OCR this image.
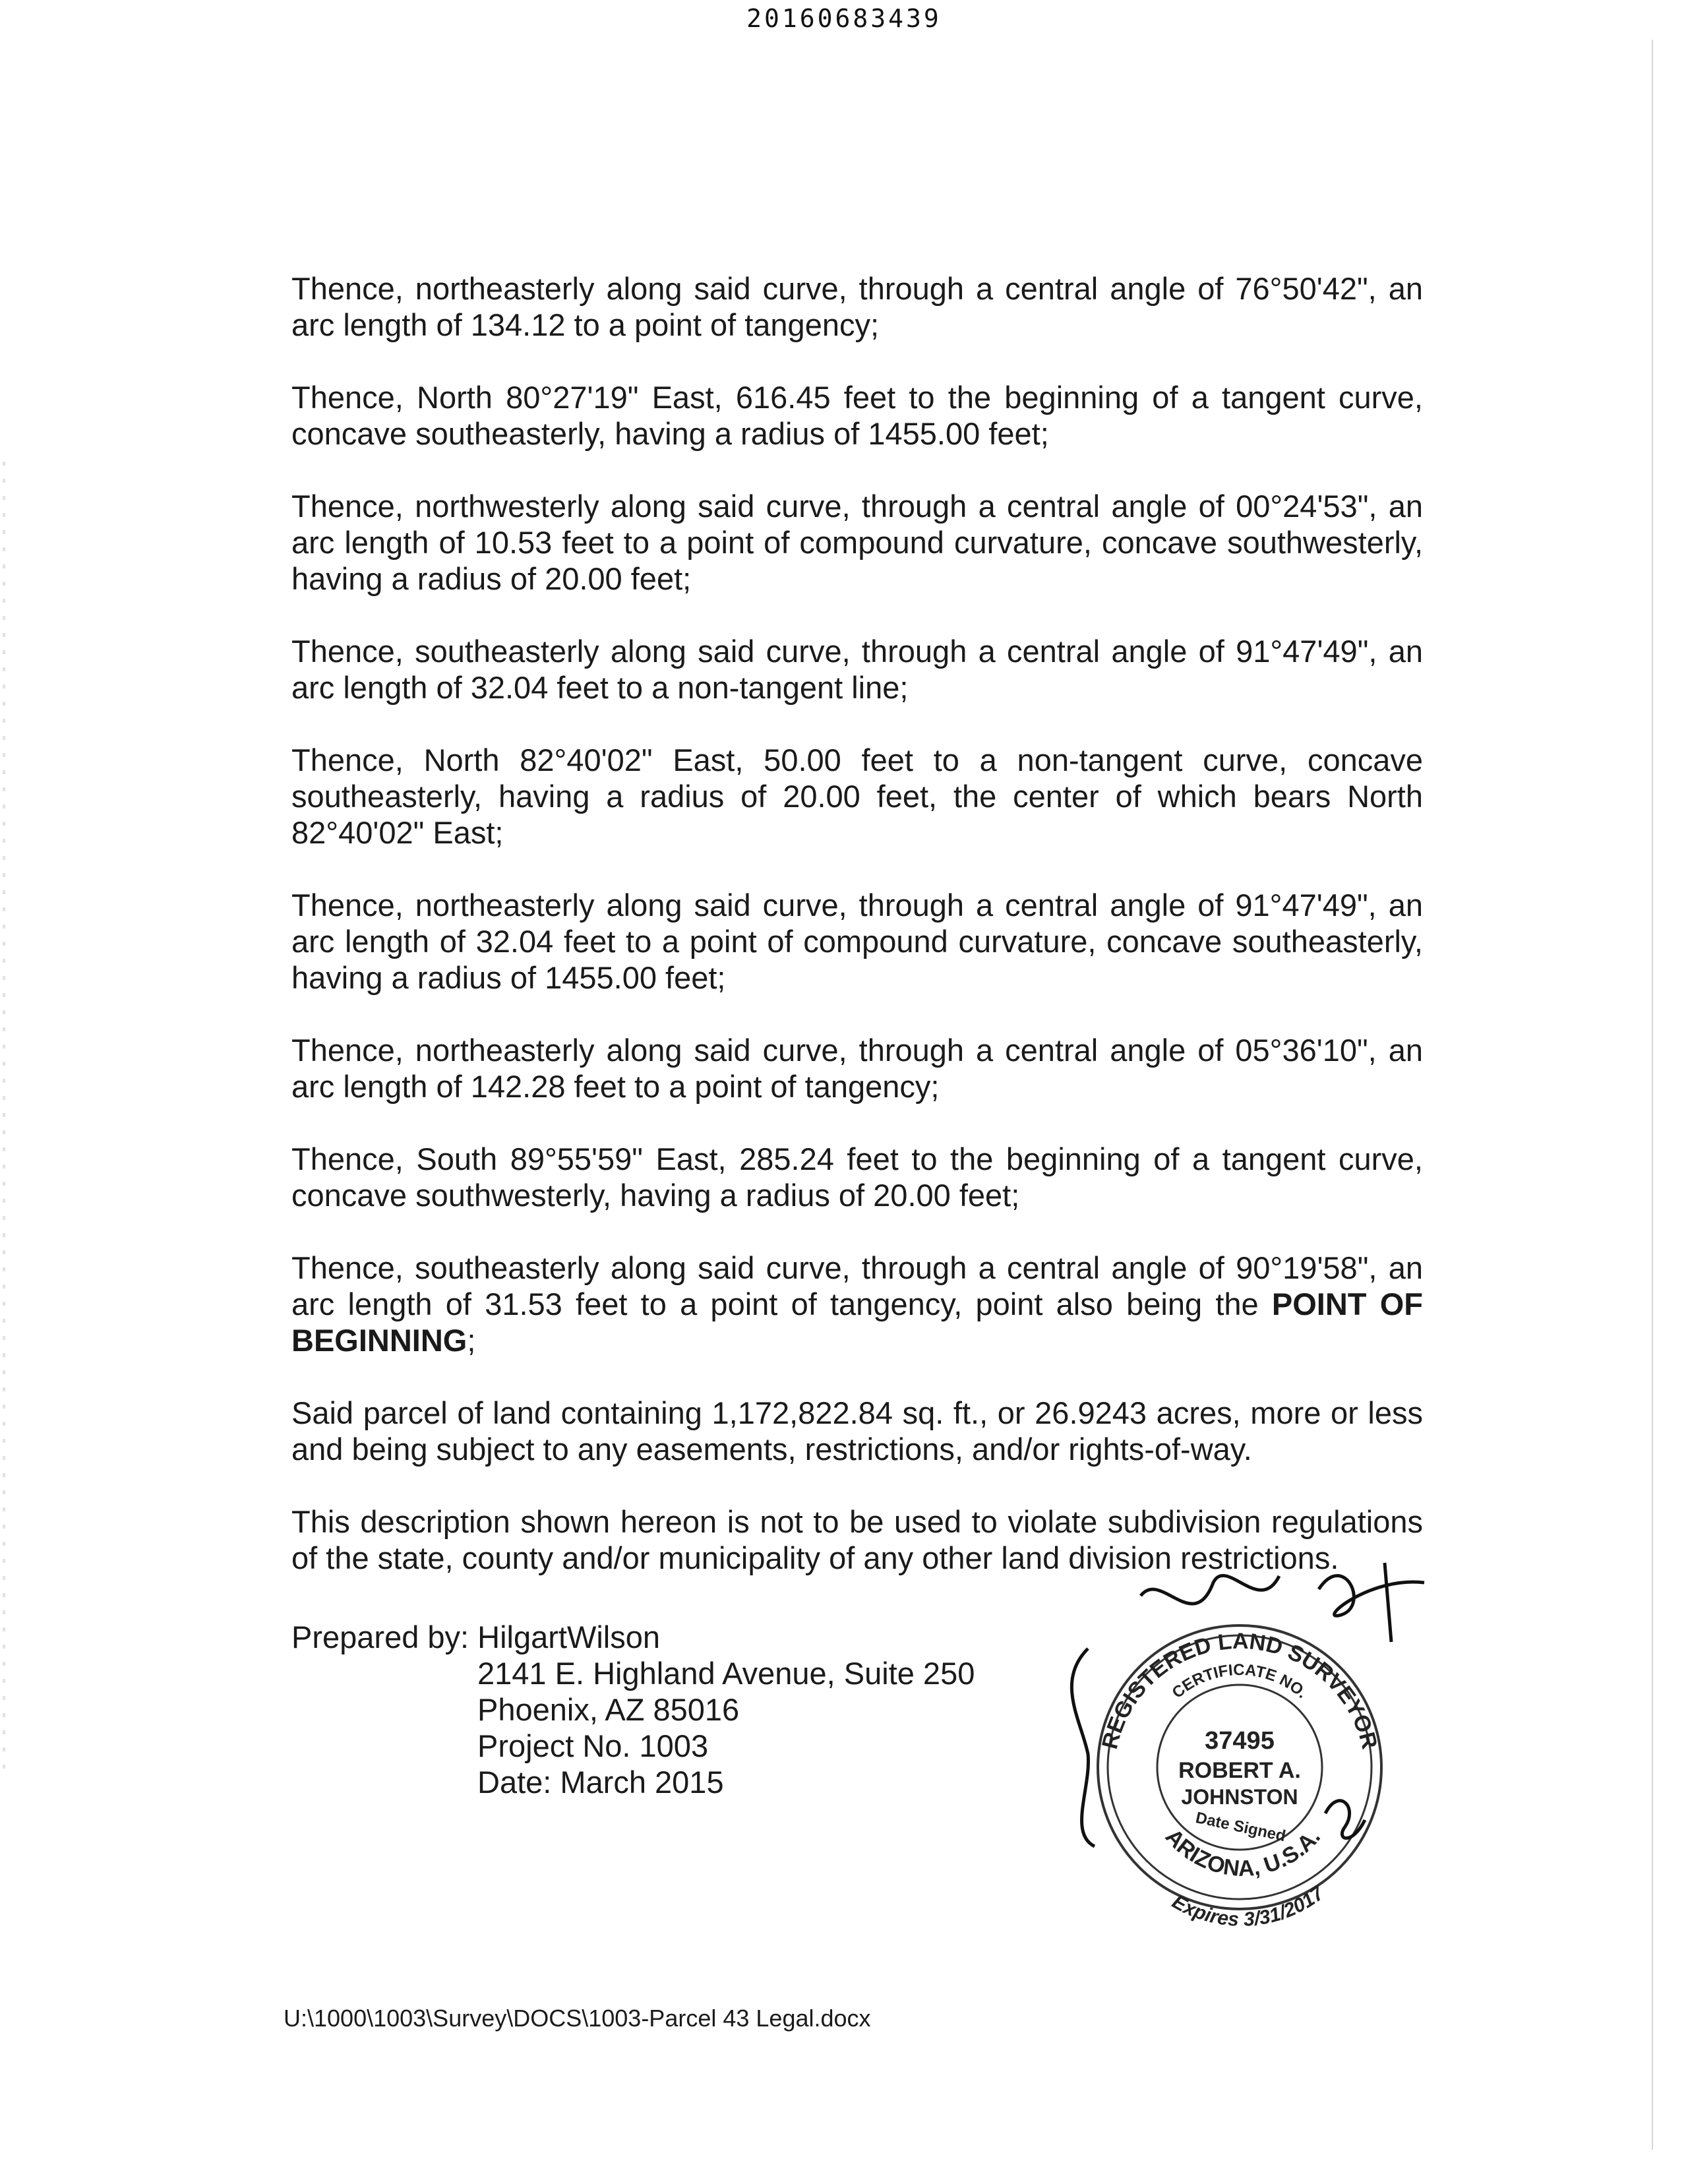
20160683439

Thence, northeasterly along said curve, through a central angle of 76°50'42", an arc length of 134.12 to a point of tangency;

Thence, North 80°27'19" East, 616.45 feet to the beginning of a tangent curve, concave southeasterly, having a radius of 1455.00 feet;

Thence, northwesterly along said curve, through a central angle of 00°24'53", an arc length of 10.53 feet to a point of compound curvature, concave southwesterly, having a radius of 20.00 feet;

Thence, southeasterly along said curve, through a central angle of 91°47'49", an arc length of 32.04 feet to a non-tangent line;

Thence, North 82°40'02" East, 50.00 feet to a non-tangent curve, concave southeasterly, having a radius of 20.00 feet, the center of which bears North 82°40'02" East;

Thence, northeasterly along said curve, through a central angle of 91°47'49", an arc length of 32.04 feet to a point of compound curvature, concave southeasterly, having a radius of 1455.00 feet;

Thence, northeasterly along said curve, through a central angle of 05°36'10", an arc length of 142.28 feet to a point of tangency;

Thence, South 89°55'59" East, 285.24 feet to the beginning of a tangent curve, concave southwesterly, having a radius of 20.00 feet;

Thence, southeasterly along said curve, through a central angle of 90°19'58", an arc length of 31.53 feet to a point of tangency, point also being the POINT OF BEGINNING;

Said parcel of land containing 1,172,822.84 sq. ft., or 26.9243 acres, more or less and being subject to any easements, restrictions, and/or rights-of-way.

This description shown hereon is not to be used to violate subdivision regulations of the state, county and/or municipality of any other land division restrictions.

Prepared by: HilgartWilson
2141 E. Highland Avenue, Suite 250
Phoenix, AZ 85016
Project No. 1003
Date: March 2015
REGISTERED LAND SURVEYOR
CERTIFICATE NO.
37495
ROBERT A.
JOHNSTON
Date Signed
ARIZONA, U.S.A.
Expires 3/31/2017
U:\1000\1003\Survey\DOCS\1003-Parcel 43 Legal.docx
